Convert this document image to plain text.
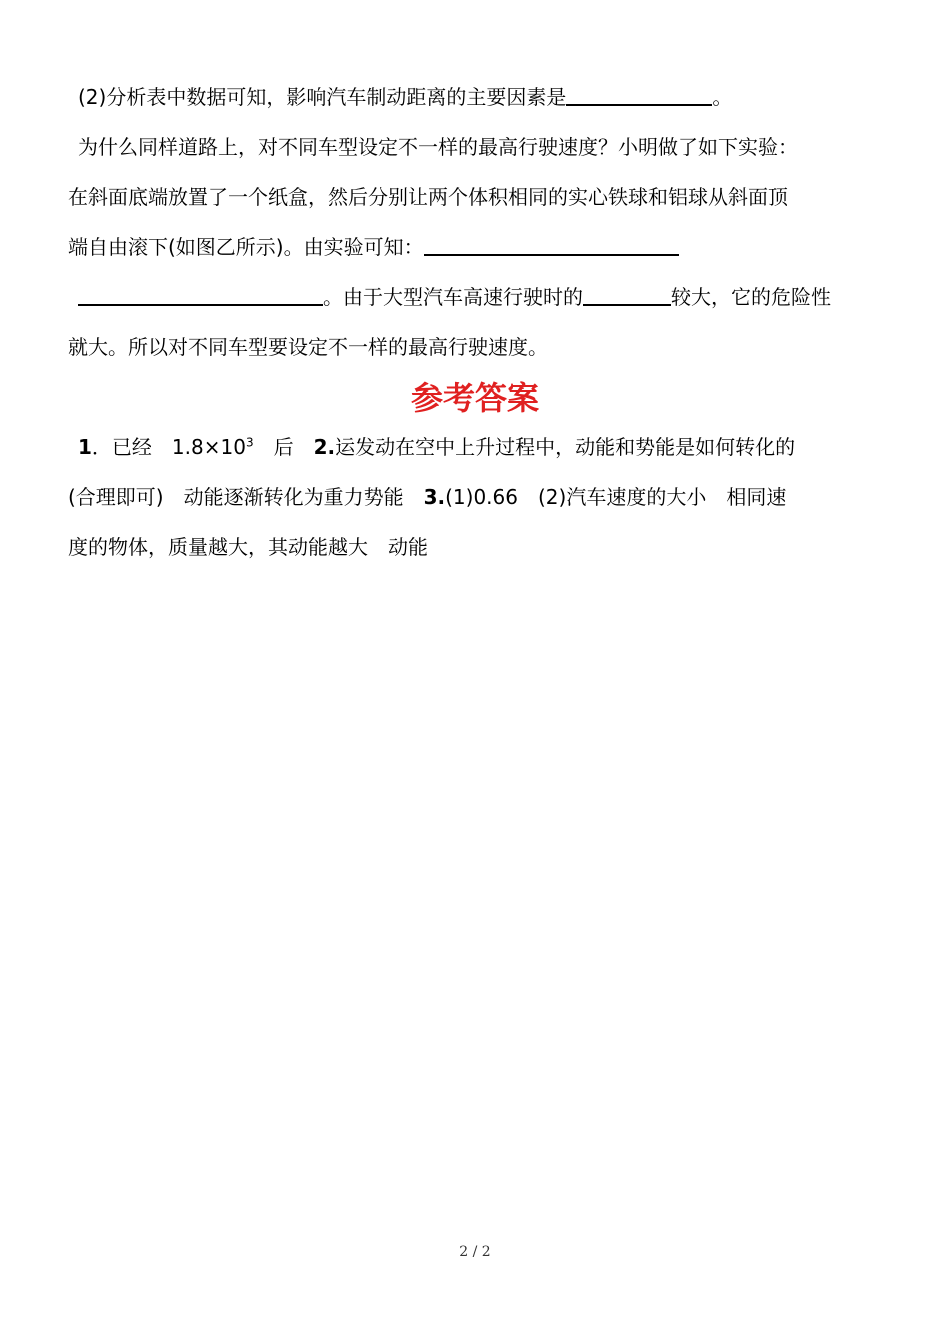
(2)分析表中数据可知，影响汽车制动距离的主要因素是	。

为什么同样道路上，对不同车型设定不一样的最高行驶速度？小明做了如下实验：

在斜面底端放置了一个纸盒，然后分别让两个体积相同的实心铁球和铝球从斜面顶

端自由滚下(如图乙所示)。由实验可知：

。由于大型汽车高速行驶时的	较大，它的危险性

就大。所以对不同车型要设定不一样的最高行驶速度。

参考答案

1．已经　$1.8\times 10^3$　后　2.运发动在空中上升过程中，动能和势能是如何转化的

(合理即可)　动能逐渐转化为重力势能　3.(1)0.66　(2)汽车速度的大小　相同速

度的物体，质量越大，其动能越大　动能

2 / 2
